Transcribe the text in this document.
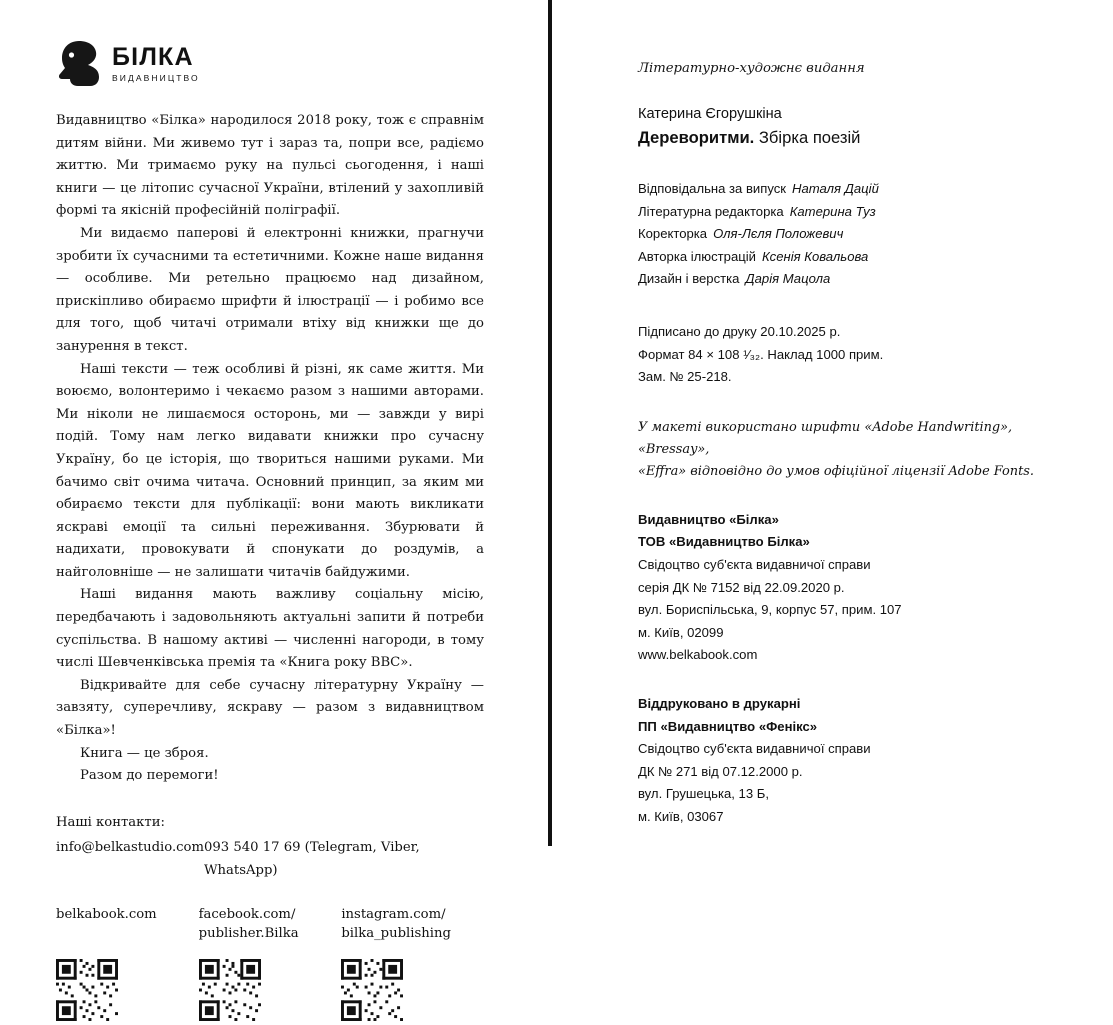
БІЛКА
ВИДАВНИЦТВО

Видавництво «Білка» народилося 2018 року, тож є справнім дитям війни. Ми живемо тут і зараз та, попри все, радіємо життю. Ми тримаємо руку на пульсі сьогодення, і наші книги — це літопис сучасної України, втілений у захопливій формі та якісній професійній поліграфії.

Ми видаємо паперові й електронні книжки, прагнучи зробити їх сучасними та естетичними. Кожне наше видання — особливе. Ми ретельно працюємо над дизайном, прискіпливо обираємо шрифти й ілюстрації — і робимо все для того, щоб читачі отримали втіху від книжки ще до занурення в текст.

Наші тексти — теж особливі й різні, як саме життя. Ми воюємо, волонтеримо і чекаємо разом з нашими авторами. Ми ніколи не лишаємося осторонь, ми — завжди у вирі подій. Тому нам легко видавати книжки про сучасну Україну, бо це історія, що твориться нашими руками. Ми бачимо світ очима читача. Основний принцип, за яким ми обираємо тексти для публікації: вони мають викликати яскраві емоції та сильні переживання. Збурювати й надихати, провокувати й спонукати до роздумів, а найголовніше — не залишати читачів байдужими.

Наші видання мають важливу соціальну місію, передбачають і задовольняють актуальні запити й потреби суспільства. В нашому активі — численні нагороди, в тому числі Шевченківська премія та «Книга року ВВС».

Відкривайте для себе сучасну літературну Україну — завзяту, суперечливу, яскраву — разом з видавництвом «Білка»!

Книга — це зброя.

Разом до перемоги!

Наші контакти:
info@belkastudio.com 093 540 17 69 (Telegram, Viber, WhatsApp)
belkabook.com	facebook.com/
publisher.Bilka
instagram.com/
bilka_publishing
Літературно-художнє видання
Катерина Єгорушкіна
Дереворитми. Збірка поезій
Відповідальна за випуск Наталя Дацій
Літературна редакторка Катерина Туз
Коректорка Оля-Лєля Положевич
Авторка ілюстрацій Ксенія Ковальова
Дизайн і верстка Дарія Мацола
Підписано до друку 20.10.2025 р.
Формат 84 × 108 ¹⁄₃₂. Наклад 1000 прим.
Зам. № 25-218.
У макеті використано шрифти «Adobe Handwriting», «Bressay»,
«Effra» відповідно до умов офіційної ліцензії Adobe Fonts.
Видавництво «Білка»
ТОВ «Видавництво Білка»
Свідоцтво суб'єкта видавничої справи
серія ДК № 7152 від 22.09.2020 р.
вул. Бориспільська, 9, корпус 57, прим. 107
м. Київ, 02099
www.belkabook.com
Віддруковано в друкарні
ПП «Видавництво «Фенікс»
Свідоцтво суб'єкта видавничої справи
ДК № 271 від 07.12.2000 р.
вул. Грушецька, 13 Б,
м. Київ, 03067
